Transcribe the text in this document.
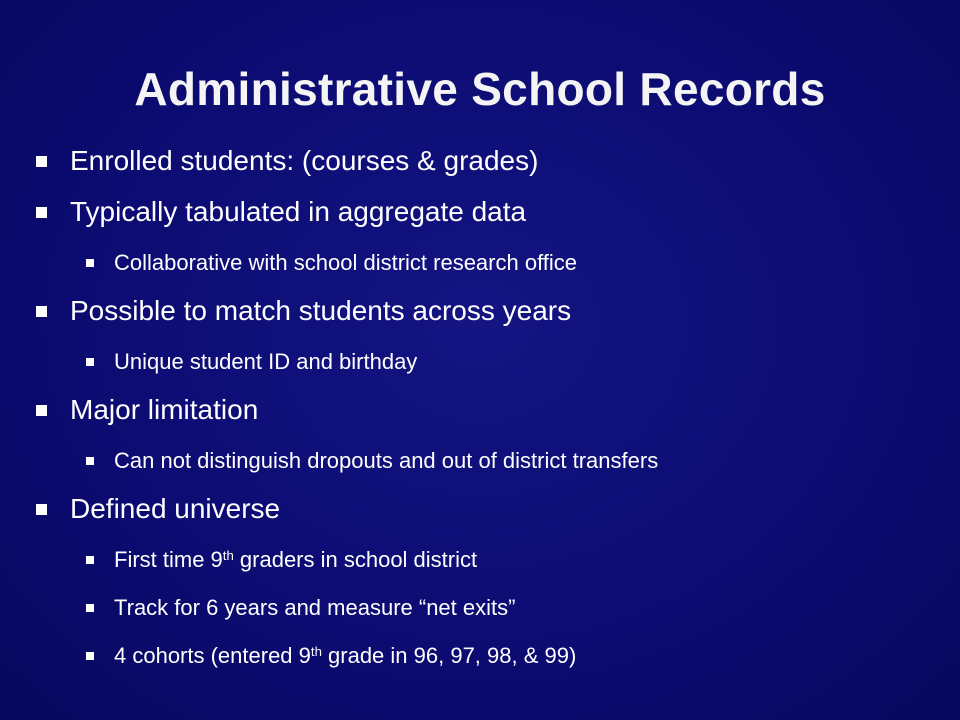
Administrative School Records
Enrolled students: (courses & grades)
Typically tabulated in aggregate data
Collaborative with school district research office
Possible to match students across years
Unique student ID and birthday
Major limitation
Can not distinguish dropouts and out of district transfers
Defined universe
First time 9th graders in school district
Track for 6 years and measure “net exits”
4 cohorts (entered 9th grade in 96, 97, 98, & 99)
